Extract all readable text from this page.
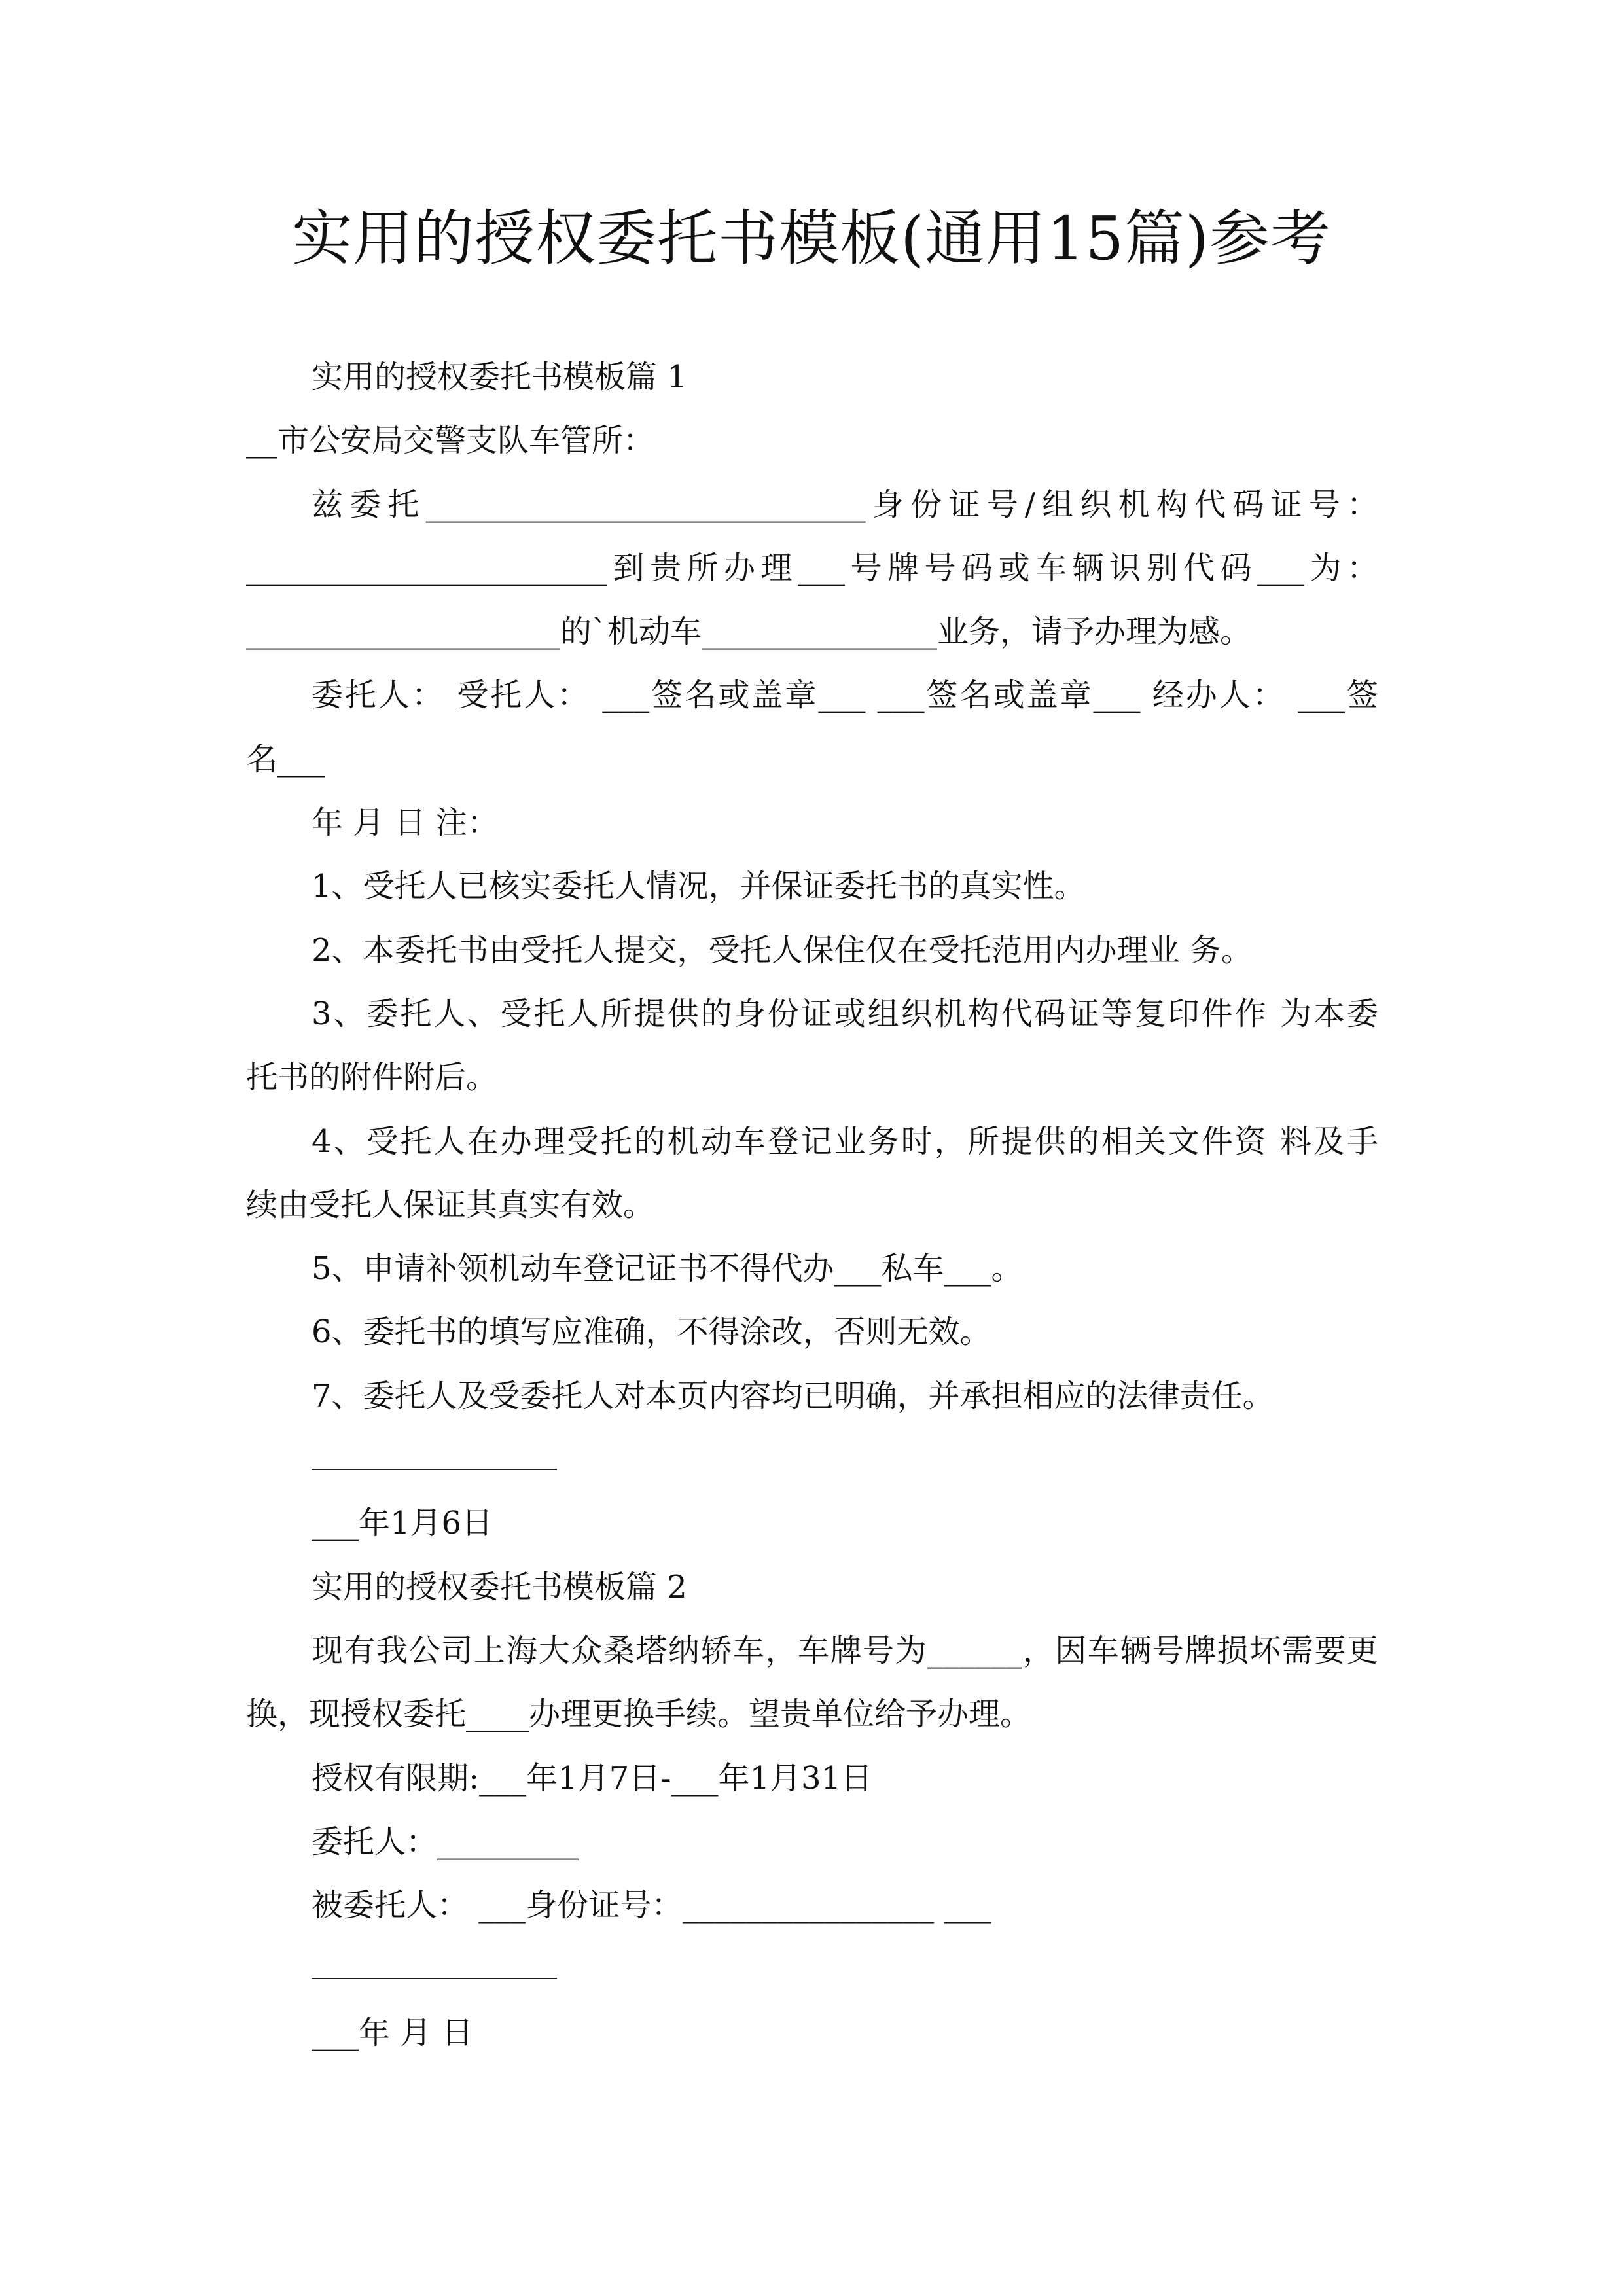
实用的授权委托书模板(通用15篇)参考
实用的授权委托书模板篇 1
__市公安局交警支队车管所：
兹委托____________________________身份证号/组织机构代码证号：
_______________________到贵所办理___号牌号码或车辆识别代码___为：
____________________的`机动车_______________业务，请予办理为感。
委托人： 受托人： ___签名或盖章___ ___签名或盖章___ 经办人： ___签
名___
年 月 日 注：
1、受托人已核实委托人情况，并保证委托书的真实性。
2、本委托书由受托人提交，受托人保住仅在受托范用内办理业 务。
3、委托人、受托人所提供的身份证或组织机构代码证等复印件作 为本委
托书的附件附后。
4、受托人在办理受托的机动车登记业务时，所提供的相关文件资 料及手
续由受托人保证其真实有效。
5、申请补领机动车登记证书不得代办___私车___。
6、委托书的填写应准确，不得涂改，否则无效。
7、委托人及受委托人对本页内容均已明确，并承担相应的法律责任。
___年1月6日
实用的授权委托书模板篇 2
现有我公司上海大众桑塔纳轿车，车牌号为______，因车辆号牌损坏需要更
换，现授权委托____办理更换手续。望贵单位给予办理。
授权有限期:___年1月7日-___年1月31日
委托人：_________
被委托人： ___身份证号：________________ ___
___年 月 日
